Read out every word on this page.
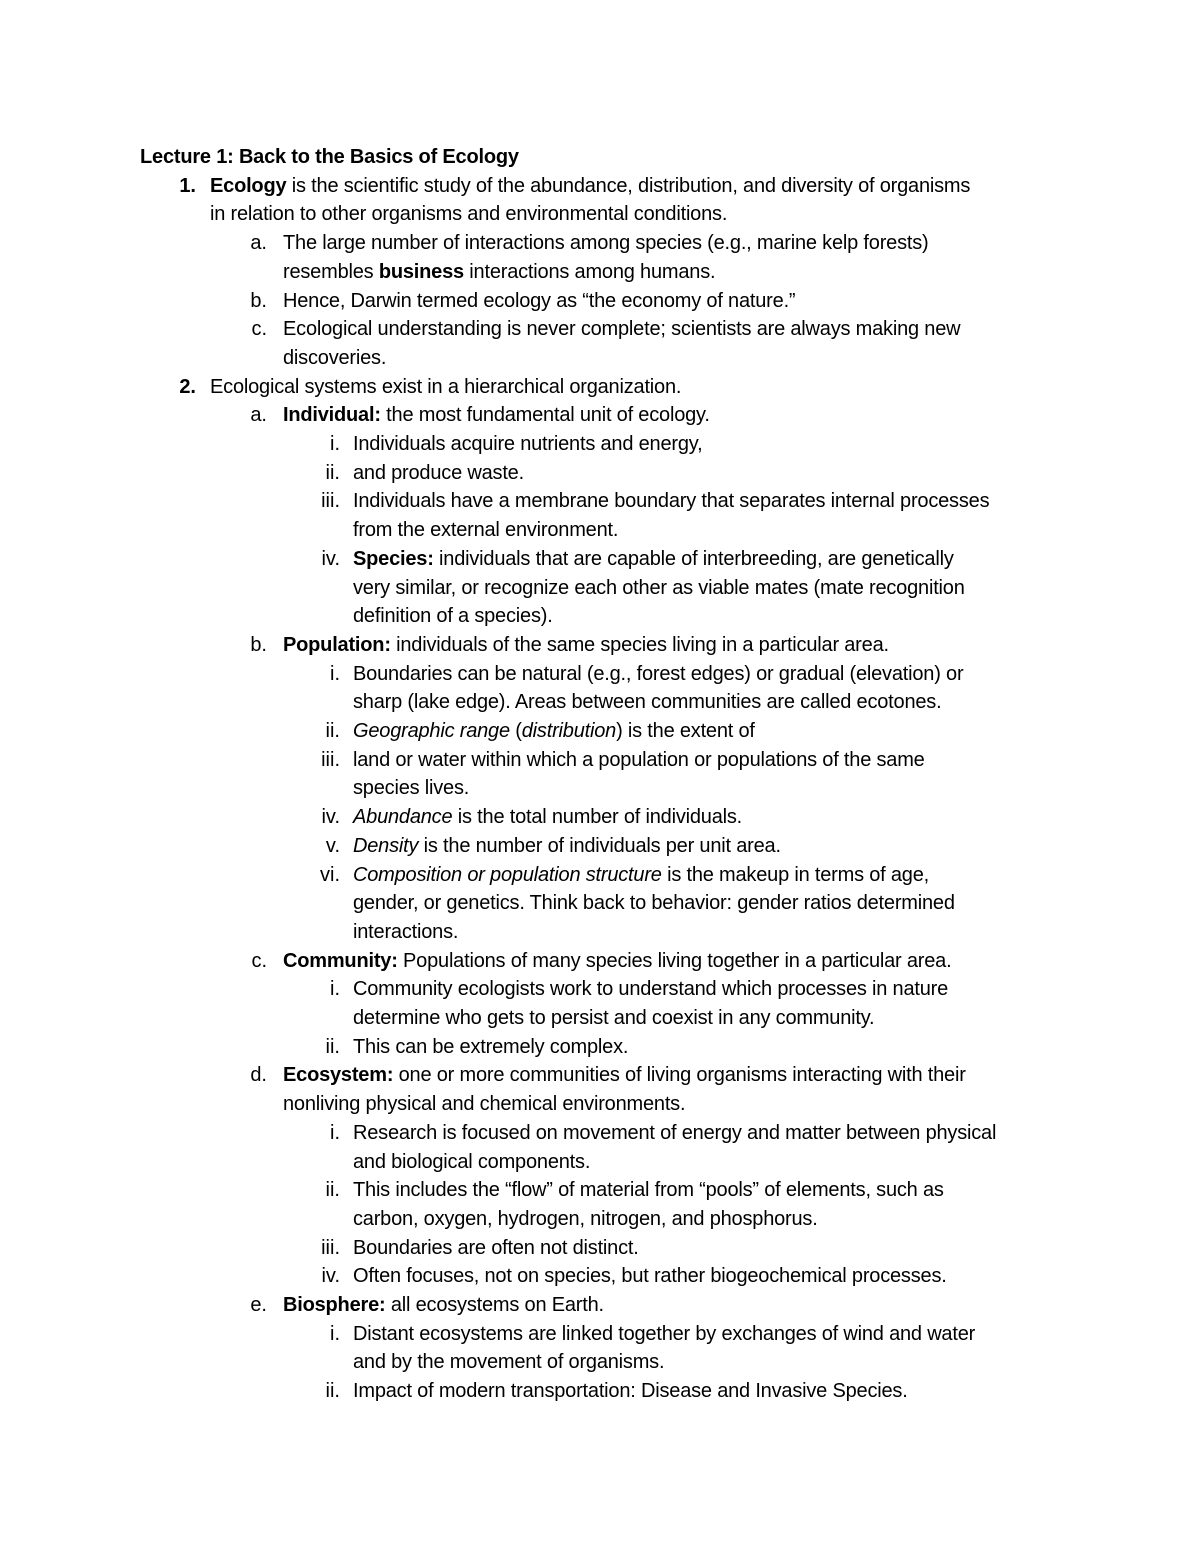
Lecture 1: Back to the Basics of Ecology
1. Ecology is the scientific study of the abundance, distribution, and diversity of organisms
in relation to other organisms and environmental conditions.
a. The large number of interactions among species (e.g., marine kelp forests)
resembles business interactions among humans.
b. Hence, Darwin termed ecology as “the economy of nature.”
c. Ecological understanding is never complete; scientists are always making new
discoveries.
2. Ecological systems exist in a hierarchical organization.
a. Individual: the most fundamental unit of ecology.
i. Individuals acquire nutrients and energy,
ii. and produce waste.
iii. Individuals have a membrane boundary that separates internal processes
from the external environment.
iv. Species: individuals that are capable of interbreeding, are genetically
very similar, or recognize each other as viable mates (mate recognition
definition of a species).
b. Population: individuals of the same species living in a particular area.
i. Boundaries can be natural (e.g., forest edges) or gradual (elevation) or
sharp (lake edge). Areas between communities are called ecotones.
ii. Geographic range (distribution) is the extent of
iii. land or water within which a population or populations of the same
species lives.
iv. Abundance is the total number of individuals.
v. Density is the number of individuals per unit area.
vi. Composition or population structure is the makeup in terms of age,
gender, or genetics. Think back to behavior: gender ratios determined
interactions.
c. Community: Populations of many species living together in a particular area.
i. Community ecologists work to understand which processes in nature
determine who gets to persist and coexist in any community.
ii. This can be extremely complex.
d. Ecosystem: one or more communities of living organisms interacting with their
nonliving physical and chemical environments.
i. Research is focused on movement of energy and matter between physical
and biological components.
ii. This includes the “flow” of material from “pools” of elements, such as
carbon, oxygen, hydrogen, nitrogen, and phosphorus.
iii. Boundaries are often not distinct.
iv. Often focuses, not on species, but rather biogeochemical processes.
e. Biosphere: all ecosystems on Earth.
i. Distant ecosystems are linked together by exchanges of wind and water
and by the movement of organisms.
ii. Impact of modern transportation: Disease and Invasive Species.
